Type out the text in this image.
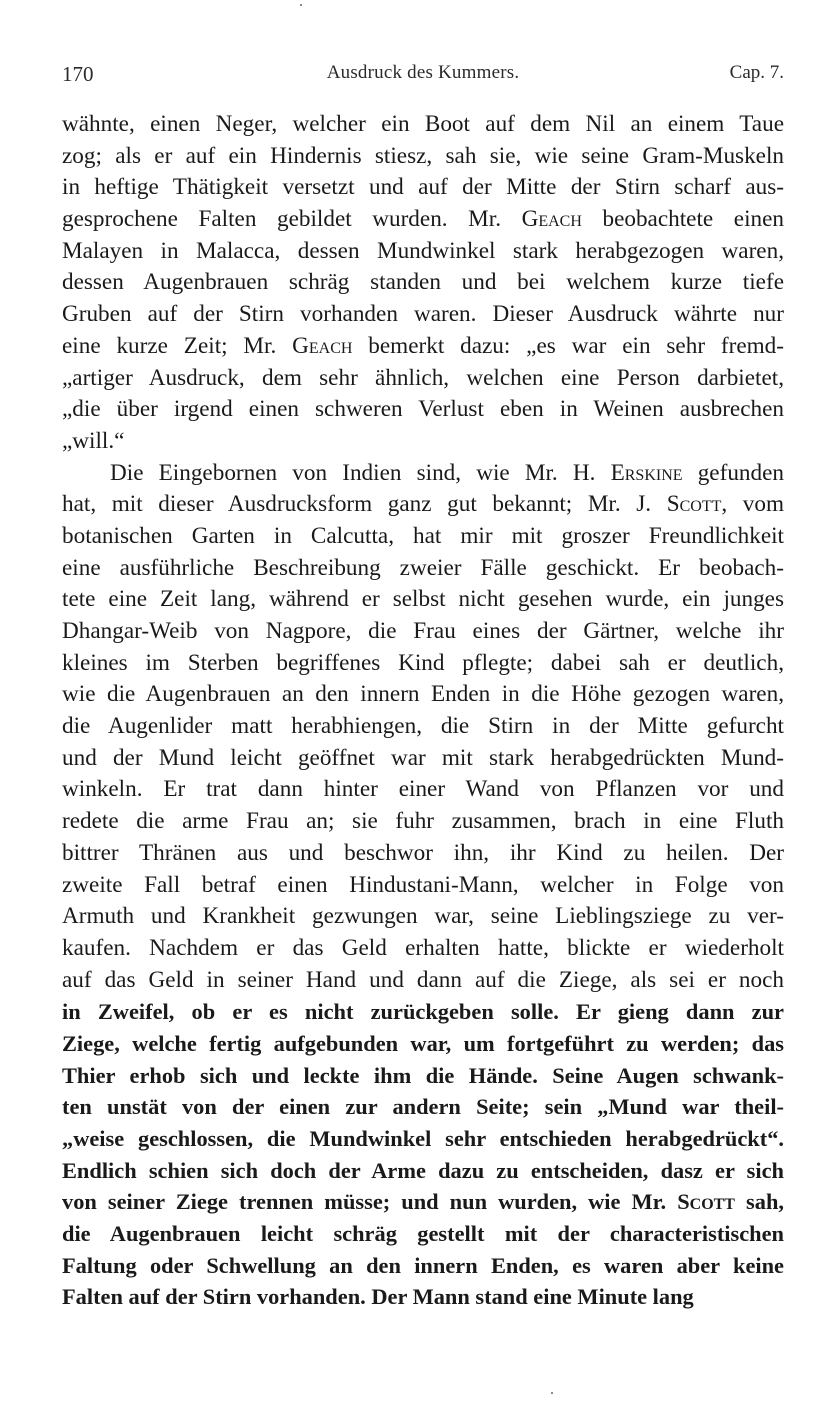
170	Ausdruck des Kummers.	Cap. 7.
wähnte, einen Neger, welcher ein Boot auf dem Nil an einem Taue
zog; als er auf ein Hindernis stiesz, sah sie, wie seine Gram-Muskeln
in heftige Thätigkeit versetzt und auf der Mitte der Stirn scharf aus-
gesprochene Falten gebildet wurden. Mr. Geach beobachtete einen
Malayen in Malacca, dessen Mundwinkel stark herabgezogen waren,
dessen Augenbrauen schräg standen und bei welchem kurze tiefe
Gruben auf der Stirn vorhanden waren. Dieser Ausdruck währte nur
eine kurze Zeit; Mr. Geach bemerkt dazu: „es war ein sehr fremd-
„artiger Ausdruck, dem sehr ähnlich, welchen eine Person darbietet,
„die über irgend einen schweren Verlust eben in Weinen ausbrechen
„will.“
Die Eingebornen von Indien sind, wie Mr. H. Erskine gefunden
hat, mit dieser Ausdrucksform ganz gut bekannt; Mr. J. Scott, vom
botanischen Garten in Calcutta, hat mir mit groszer Freundlichkeit
eine ausführliche Beschreibung zweier Fälle geschickt. Er beobach-
tete eine Zeit lang, während er selbst nicht gesehen wurde, ein junges
Dhangar-Weib von Nagpore, die Frau eines der Gärtner, welche ihr
kleines im Sterben begriffenes Kind pflegte; dabei sah er deutlich,
wie die Augenbrauen an den innern Enden in die Höhe gezogen waren,
die Augenlider matt herabhiengen, die Stirn in der Mitte gefurcht
und der Mund leicht geöffnet war mit stark herabgedrückten Mund-
winkeln. Er trat dann hinter einer Wand von Pflanzen vor und
redete die arme Frau an; sie fuhr zusammen, brach in eine Fluth
bittrer Thränen aus und beschwor ihn, ihr Kind zu heilen. Der
zweite Fall betraf einen Hindustani-Mann, welcher in Folge von
Armuth und Krankheit gezwungen war, seine Lieblingsziege zu ver-
kaufen. Nachdem er das Geld erhalten hatte, blickte er wiederholt
auf das Geld in seiner Hand und dann auf die Ziege, als sei er noch
in Zweifel, ob er es nicht zurückgeben solle. Er gieng dann zur
Ziege, welche fertig aufgebunden war, um fortgeführt zu werden; das
Thier erhob sich und leckte ihm die Hände. Seine Augen schwank-
ten unstät von der einen zur andern Seite; sein „Mund war theil-
„weise geschlossen, die Mundwinkel sehr entschieden herabgedrückt“.
Endlich schien sich doch der Arme dazu zu entscheiden, dasz er sich
von seiner Ziege trennen müsse; und nun wurden, wie Mr. Scott sah,
die Augenbrauen leicht schräg gestellt mit der characteristischen
Faltung oder Schwellung an den innern Enden, es waren aber keine
Falten auf der Stirn vorhanden. Der Mann stand eine Minute lang
